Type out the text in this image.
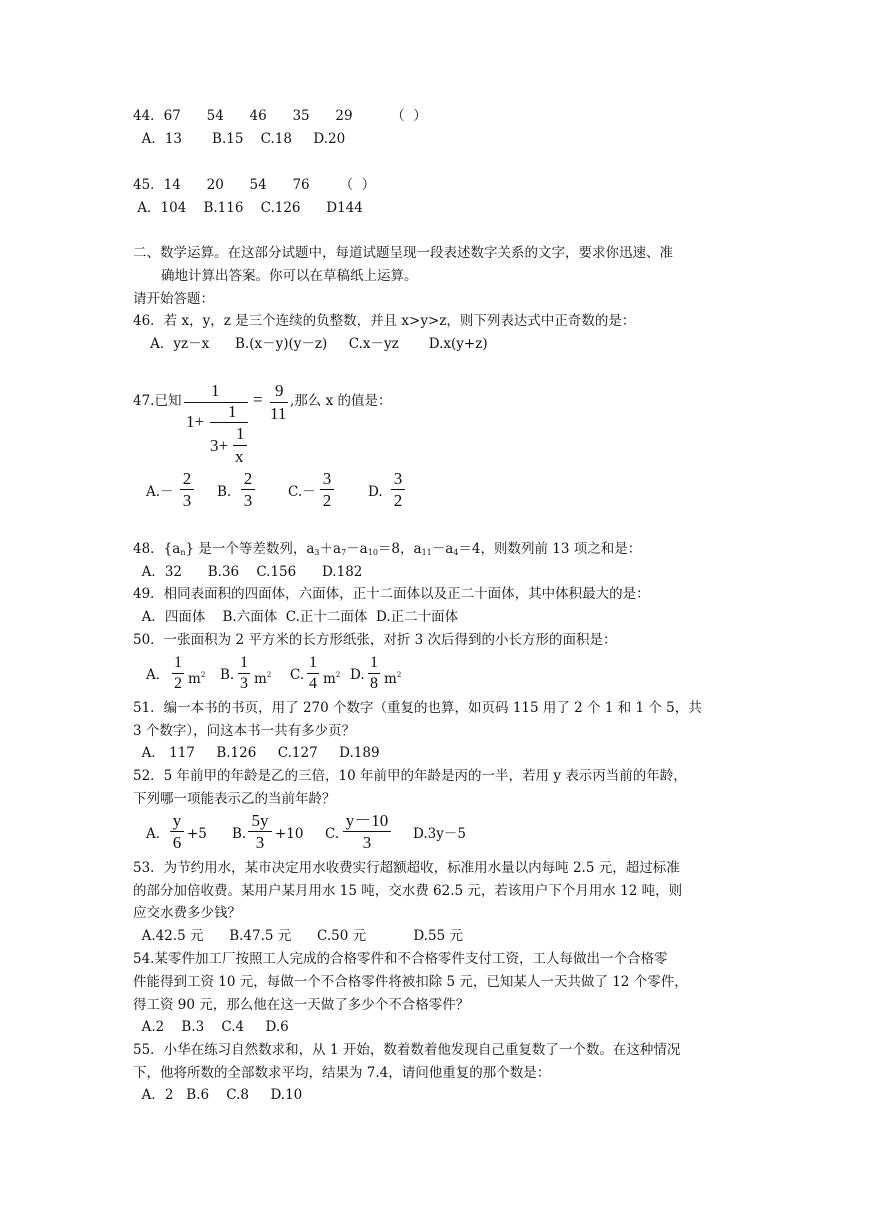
44．67      54      46      35      29         （  ）
A．13       B.15    C.18     D.20
45．14      20      54      76       （  ）
A．104    B.116    C.126      D144
二、数学运算。在这部分试题中，每道试题呈现一段表述数字关系的文字，要求你迅速、准
确地计算出答案。你可以在草稿纸上运算。
请开始答题：
46．若 x，y，z 是三个连续的负整数，并且 x>y>z，则下列表达式中正奇数的是：
A．yz－x      B.(x－y)(y－z)     C.x－yz       D.x(y+z)
47.已知
1
1+
1
3+
1
x
= 9
11
,那么 x 的值是：
A.－
2
3 B.
2
3	C.－
3
2	D.
3
2
48．$\{a_n\}$ 是一个等差数列，$a_3+a_7-a_{10}=8$，$a_{11}-a_4=4$，则数列前 13 项之和是：
A．32      B.36    C.156      D.182
49．相同表面积的四面体，六面体，正十二面体以及正二十面体，其中体积最大的是：
A．四面体    B.六面体  C.正十二面体  D.正二十面体
50．一张面积为 2 平方米的长方形纸张，对折 3 次后得到的小长方形的面积是：
A．
1
2 $m^2$ B.
1
3 $m^2$ C.
1
4 $m^2$ D.
1
8 $m^2$
51．编一本书的书页，用了 270 个数字（重复的也算，如页码 115 用了 2 个 1 和 1 个 5，共
3 个数字），问这本书一共有多少页？
A． 117     B.126     C.127     D.189
52．5 年前甲的年龄是乙的三倍，10 年前甲的年龄是丙的一半，若用 y 表示丙当前的年龄，
下列哪一项能表示乙的当前年龄？
A．
y
6 +5 B.
5y
3 +10 C.
y－10
3	D.3y－5
53．为节约用水，某市决定用水收费实行超额超收，标准用水量以内每吨 2.5 元，超过标准
的部分加倍收费。某用户某月用水 15 吨，交水费 62.5 元，若该用户下个月用水 12 吨，则
应交水费多少钱？
A.42.5 元      B.47.5 元      C.50 元           D.55 元
54.某零件加工厂按照工人完成的合格零件和不合格零件支付工资，工人每做出一个合格零
件能得到工资 10 元，每做一个不合格零件将被扣除 5 元，已知某人一天共做了 12 个零件，
得工资 90 元，那么他在这一天做了多少个不合格零件？
A.2    B.3    C.4     D.6
55．小华在练习自然数求和，从 1 开始，数着数着他发现自己重复数了一个数。在这种情况
下，他将所数的全部数求平均，结果为 7.4，请问他重复的那个数是：
A．2   B.6    C.8     D.10
